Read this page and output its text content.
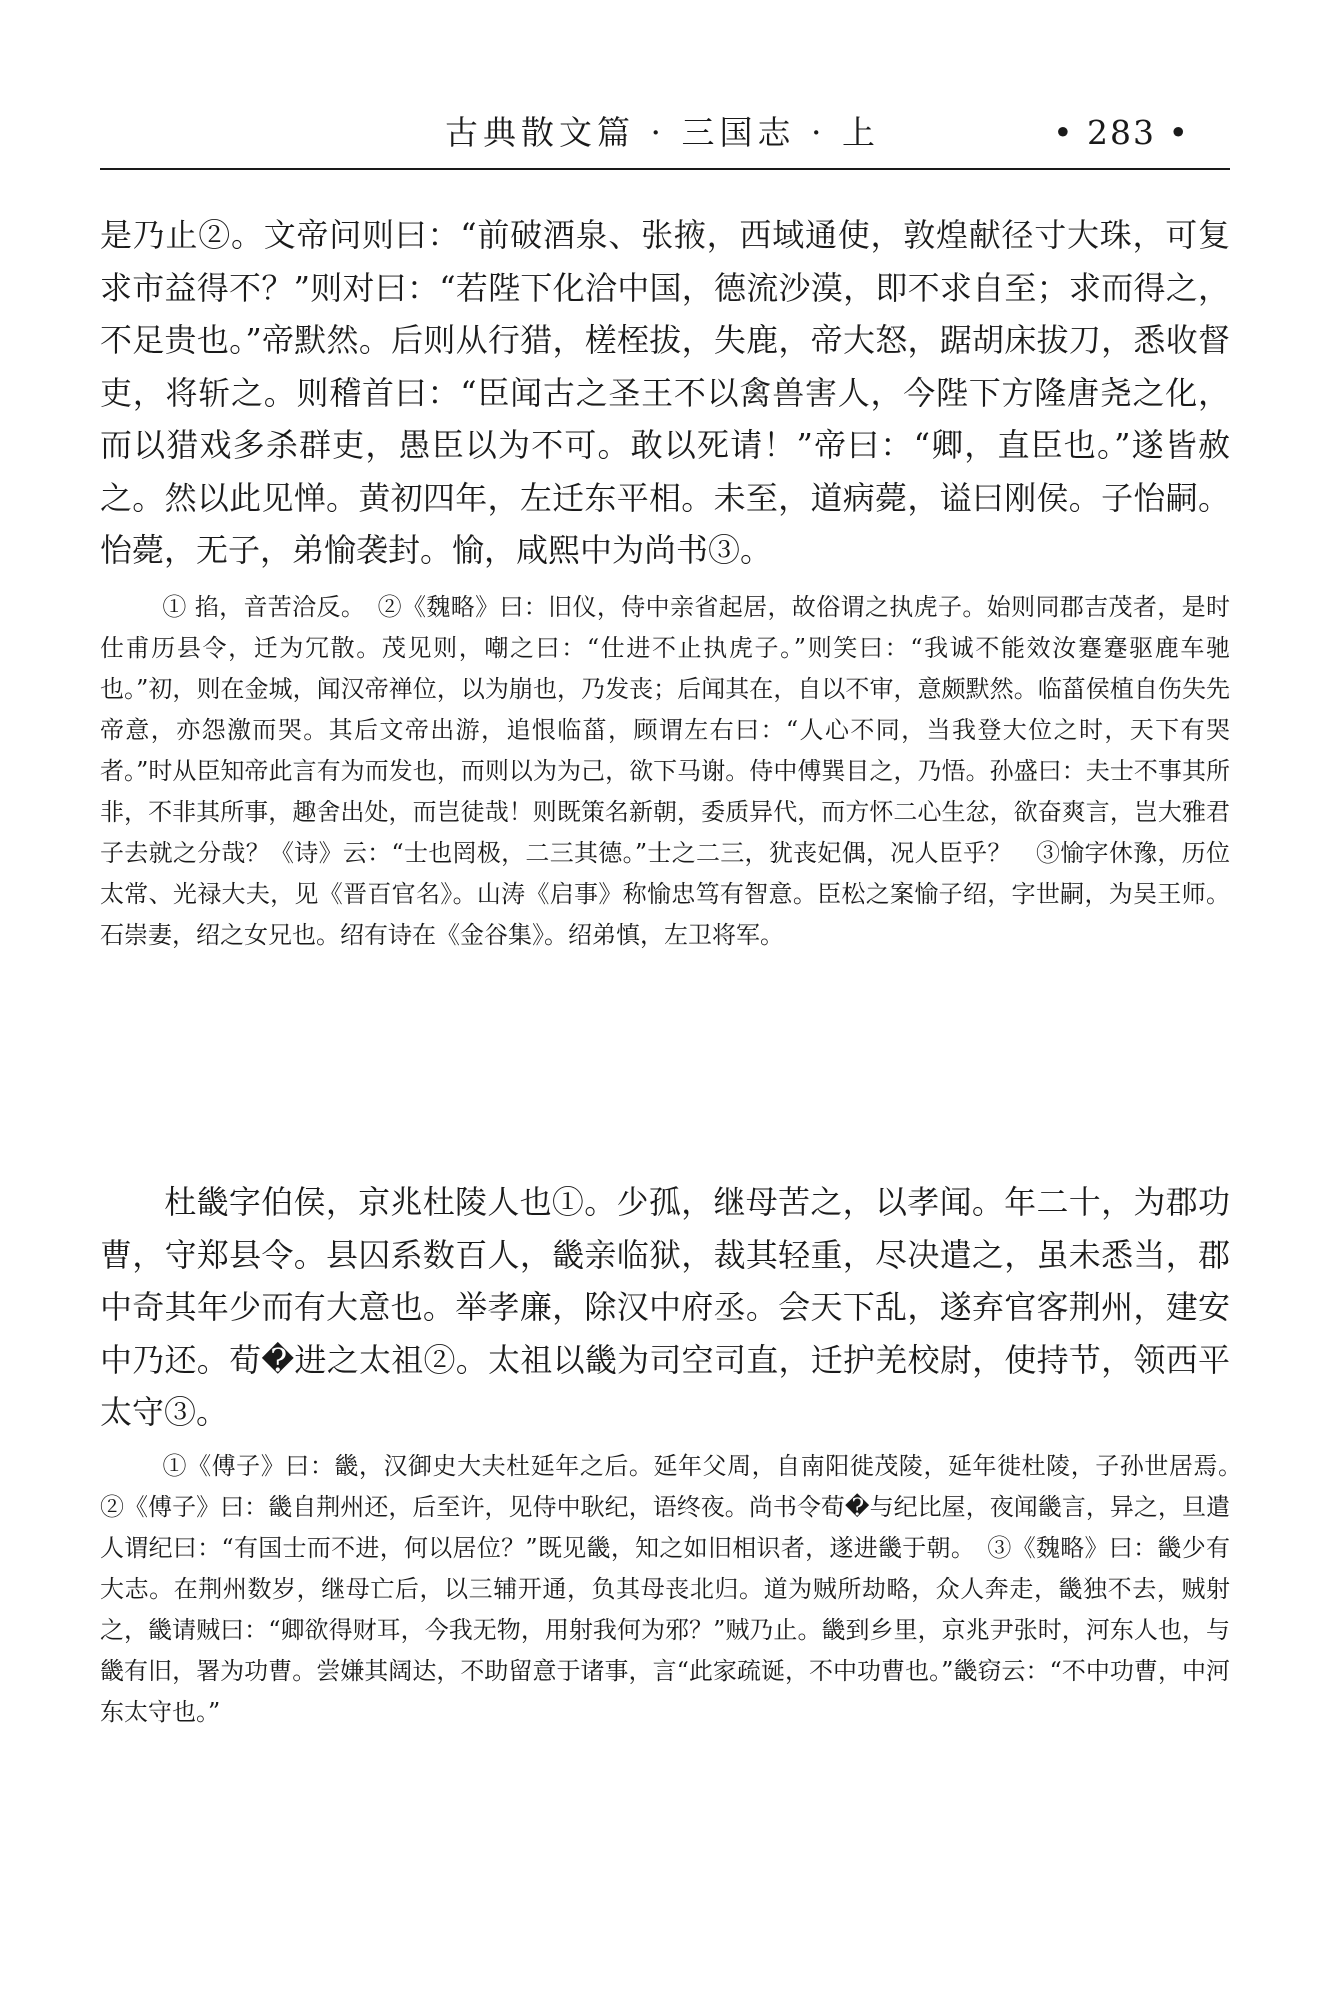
古典散文篇 · 三国志 · 上	• 283 •

是乃止②。文帝问则曰：“前破酒泉、张掖，西域通使，敦煌献径寸大珠，可复求市益得不？”则对曰：“若陛下化洽中国，德流沙漠，即不求自至；求而得之，不足贵也。”帝默然。后则从行猎，槎桎拔，失鹿，帝大怒，踞胡床拔刀，悉收督吏，将斩之。则稽首曰：“臣闻古之圣王不以禽兽害人，今陛下方隆唐尧之化，而以猎戏多杀群吏，愚臣以为不可。敢以死请！”帝曰：“卿，直臣也。”遂皆赦之。然以此见惮。黄初四年，左迁东平相。未至，道病薨，谥曰刚侯。子怡嗣。怡薨，无子，弟愉袭封。愉，咸熙中为尚书③。

① 掐，音苦洽反。　②《魏略》曰：旧仪，侍中亲省起居，故俗谓之执虎子。始则同郡吉茂者，是时仕甫历县令，迁为冗散。茂见则，嘲之曰：“仕进不止执虎子。”则笑曰：“我诚不能效汝蹇蹇驱鹿车驰也。”初，则在金城，闻汉帝禅位，以为崩也，乃发丧；后闻其在，自以不审，意颇默然。临菑侯植自伤失先帝意，亦怨激而哭。其后文帝出游，追恨临菑，顾谓左右曰：“人心不同，当我登大位之时，天下有哭者。”时从臣知帝此言有为而发也，而则以为为己，欲下马谢。侍中傅巽目之，乃悟。孙盛曰：夫士不事其所非，不非其所事，趣舍出处，而岂徒哉！则既策名新朝，委质异代，而方怀二心生忿，欲奋爽言，岂大雅君子去就之分哉？《诗》云：“士也罔极，二三其德。”士之二三，犹丧妃偶，况人臣乎？　③愉字休豫，历位太常、光禄大夫，见《晋百官名》。山涛《启事》称愉忠笃有智意。臣松之案愉子绍，字世嗣，为吴王师。石崇妻，绍之女兄也。绍有诗在《金谷集》。绍弟慎，左卫将军。

杜畿字伯侯，京兆杜陵人也①。少孤，继母苦之，以孝闻。年二十，为郡功曹，守郑县令。县囚系数百人，畿亲临狱，裁其轻重，尽决遣之，虽未悉当，郡中奇其年少而有大意也。举孝廉，除汉中府丞。会天下乱，遂弃官客荆州，建安中乃还。荀�进之太祖②。太祖以畿为司空司直，迁护羌校尉，使持节，领西平太守③。

①《傅子》曰：畿，汉御史大夫杜延年之后。延年父周，自南阳徙茂陵，延年徙杜陵，子孙世居焉。　②《傅子》曰：畿自荆州还，后至许，见侍中耿纪，语终夜。尚书令荀�与纪比屋，夜闻畿言，异之，旦遣人谓纪曰：“有国士而不进，何以居位？”既见畿，知之如旧相识者，遂进畿于朝。　③《魏略》曰：畿少有大志。在荆州数岁，继母亡后，以三辅开通，负其母丧北归。道为贼所劫略，众人奔走，畿独不去，贼射之，畿请贼曰：“卿欲得财耳，今我无物，用射我何为邪？”贼乃止。畿到乡里，京兆尹张时，河东人也，与畿有旧，署为功曹。尝嫌其阔达，不助留意于诸事，言“此家疏诞，不中功曹也。”畿窃云：“不中功曹，中河东太守也。”
